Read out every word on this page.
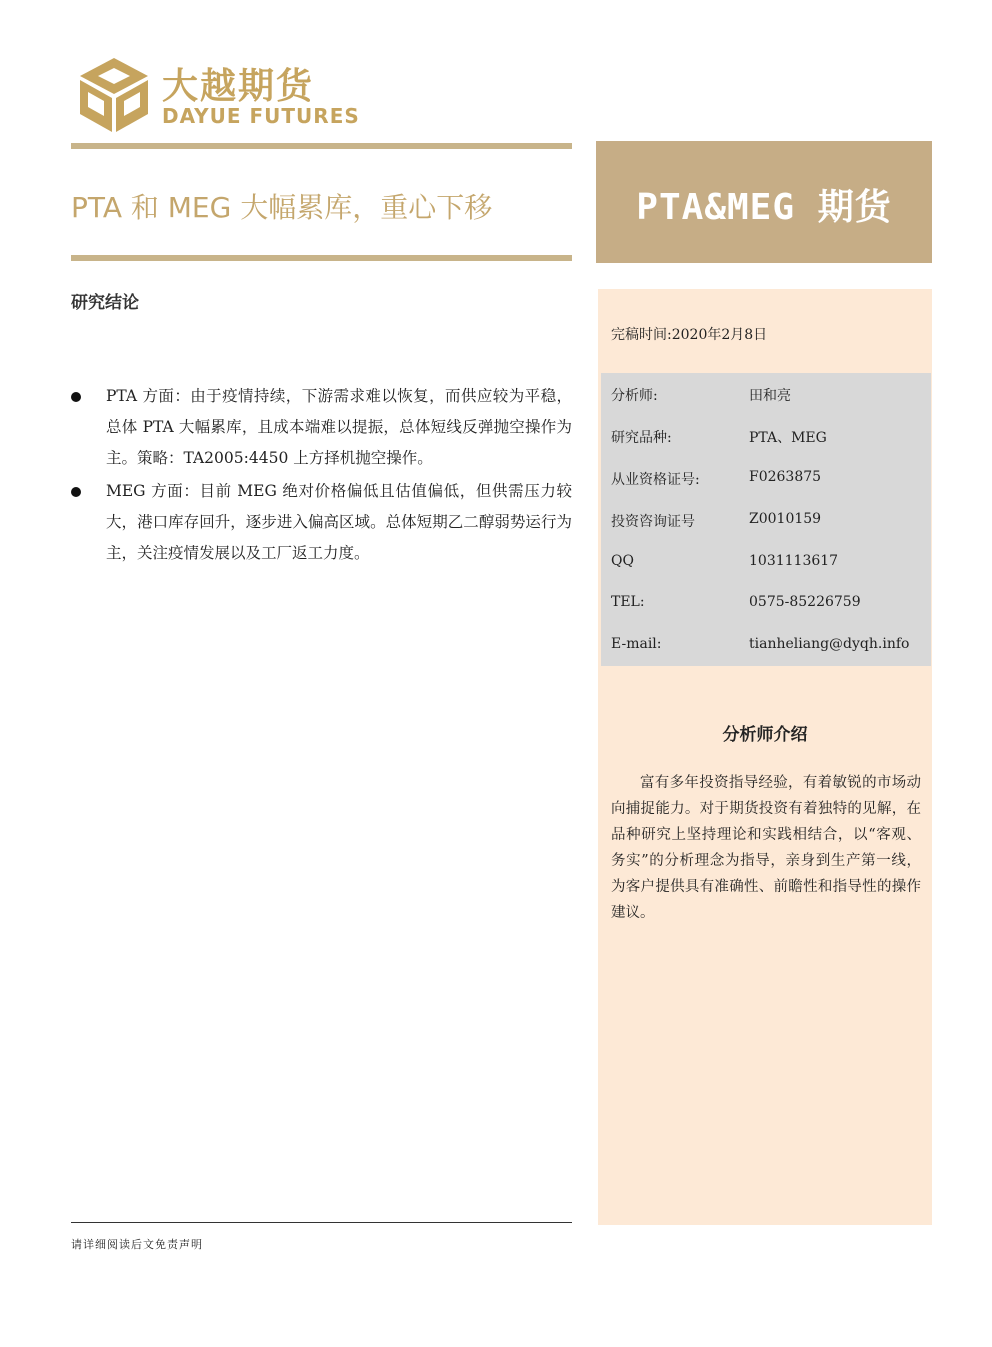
大越期货
DAYUE FUTURES
PTA 和 MEG 大幅累库，重心下移	PTA&MEG 期货
研究结论
PTA 方面：由于疫情持续，下游需求难以恢复，而供应较为平稳，总体 PTA 大幅累库，且成本端难以提振，总体短线反弹抛空操作为主。策略：TA2005:4450 上方择机抛空操作。
MEG 方面：目前 MEG 绝对价格偏低且估值偏低，但供需压力较大，港口库存回升，逐步进入偏高区域。总体短期乙二醇弱势运行为主，关注疫情发展以及工厂返工力度。
完稿时间:2020年2月8日
分析师:	田和亮
研究品种:	PTA、MEG
从业资格证号:	F0263875
投资咨询证号	Z0010159
QQ	1031113617
TEL:	0575-85226759
E-mail:	tianheliang@dyqh.info
分析师介绍
富有多年投资指导经验，有着敏锐的市场动向捕捉能力。对于期货投资有着独特的见解，在品种研究上坚持理论和实践相结合，以“客观、务实”的分析理念为指导，亲身到生产第一线，为客户提供具有准确性、前瞻性和指导性的操作建议。
请详细阅读后文免责声明
